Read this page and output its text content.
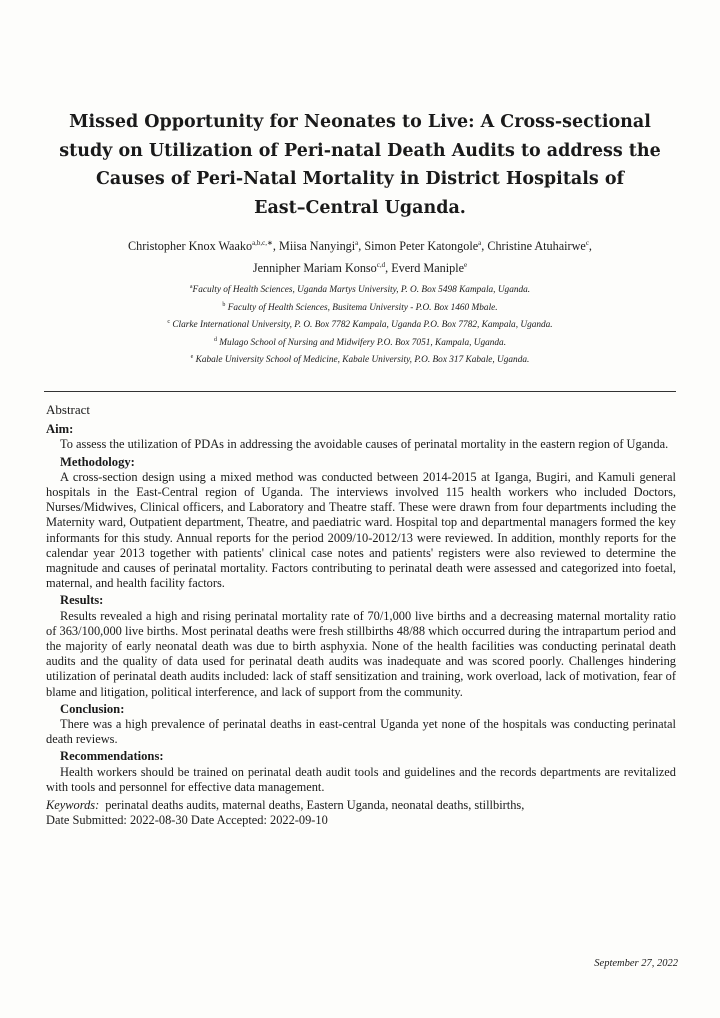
Missed Opportunity for Neonates to Live: A Cross-sectional
study on Utilization of Peri-natal Death Audits to address the
Causes of Peri-Natal Mortality in District Hospitals of
East–Central Uganda.
Christopher Knox Waako$^{a,b,c,∗}$, Miisa Nanyingi$^a$, Simon Peter Katongole$^a$, Christine Atuhairwe$^c$,
Jennipher Mariam Konso$^{c,d}$, Everd Maniple$^e$
$^a$Faculty of Health Sciences, Uganda Martys University, P. O. Box 5498 Kampala, Uganda.
$^b$ Faculty of Health Sciences, Busitema University - P.O. Box 1460 Mbale.
$^c$ Clarke International University, P. O. Box 7782 Kampala, Uganda P.O. Box 7782, Kampala, Uganda.
$^d$ Mulago School of Nursing and Midwifery P.O. Box 7051, Kampala, Uganda.
$^e$ Kabale University School of Medicine, Kabale University, P.O. Box 317 Kabale, Uganda.
Abstract
Aim:

To assess the utilization of PDAs in addressing the avoidable causes of perinatal mortality in the eastern region of Uganda.

Methodology:

A cross-section design using a mixed method was conducted between 2014-2015 at Iganga, Bugiri, and Kamuli general hospitals in the East-Central region of Uganda. The interviews involved 115 health workers who included Doctors, Nurses/Midwives, Clinical officers, and Laboratory and Theatre staff. These were drawn from four departments including the Maternity ward, Outpatient department, Theatre, and paediatric ward. Hospital top and departmental managers formed the key informants for this study. Annual reports for the period 2009/10-2012/13 were reviewed. In addition, monthly reports for the calendar year 2013 together with patients' clinical case notes and patients' registers were also reviewed to determine the magnitude and causes of perinatal mortality. Factors contributing to perinatal death were assessed and categorized into foetal, maternal, and health facility factors.

Results:

Results revealed a high and rising perinatal mortality rate of 70/1,000 live births and a decreasing maternal mortality ratio of 363/100,000 live births. Most perinatal deaths were fresh stillbirths 48/88 which occurred during the intrapartum period and the majority of early neonatal death was due to birth asphyxia. None of the health facilities was conducting perinatal death audits and the quality of data used for perinatal death audits was inadequate and was scored poorly. Challenges hindering utilization of perinatal death audits included: lack of staff sensitization and training, work overload, lack of motivation, fear of blame and litigation, political interference, and lack of support from the community.

Conclusion:

There was a high prevalence of perinatal deaths in east-central Uganda yet none of the hospitals was conducting perinatal death reviews.

Recommendations:

Health workers should be trained on perinatal death audit tools and guidelines and the records departments are revitalized with tools and personnel for effective data management.

Keywords: perinatal deaths audits, maternal deaths, Eastern Uganda, neonatal deaths, stillbirths,
Date Submitted: 2022-08-30 Date Accepted: 2022-09-10
September 27, 2022
